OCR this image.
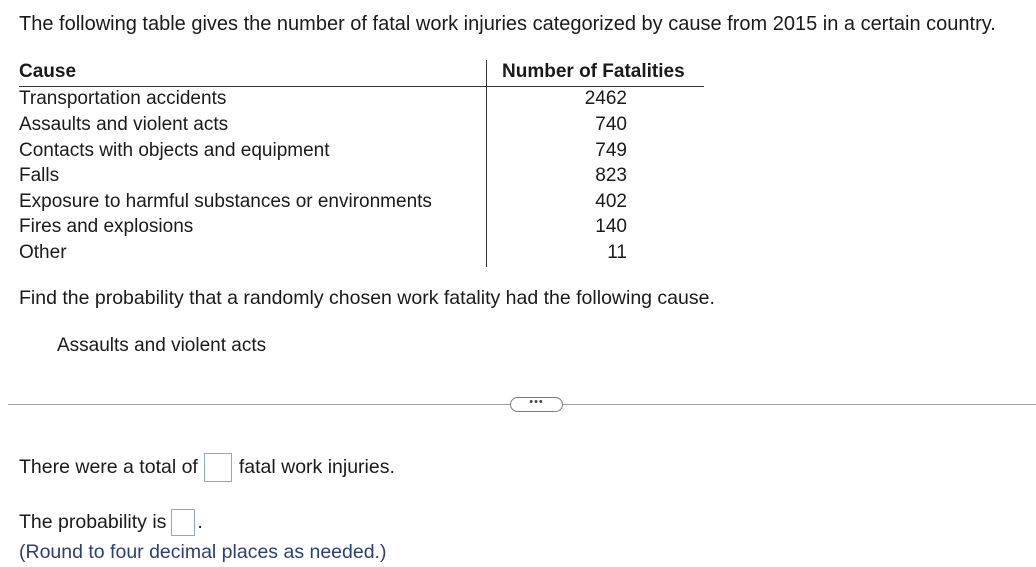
The following table gives the number of fatal work injuries categorized by cause from 2015 in a certain country.
Cause	Number of Fatalities
Transportation accidents
Assaults and violent acts
Contacts with objects and equipment
Falls
Exposure to harmful substances or environments
Fires and explosions
Other
2462
740
749
823
402
140
11
Find the probability that a randomly chosen work fatality had the following cause.
Assaults and violent acts
•••
There were a total of fatal work injuries.
The probability is .
(Round to four decimal places as needed.)
